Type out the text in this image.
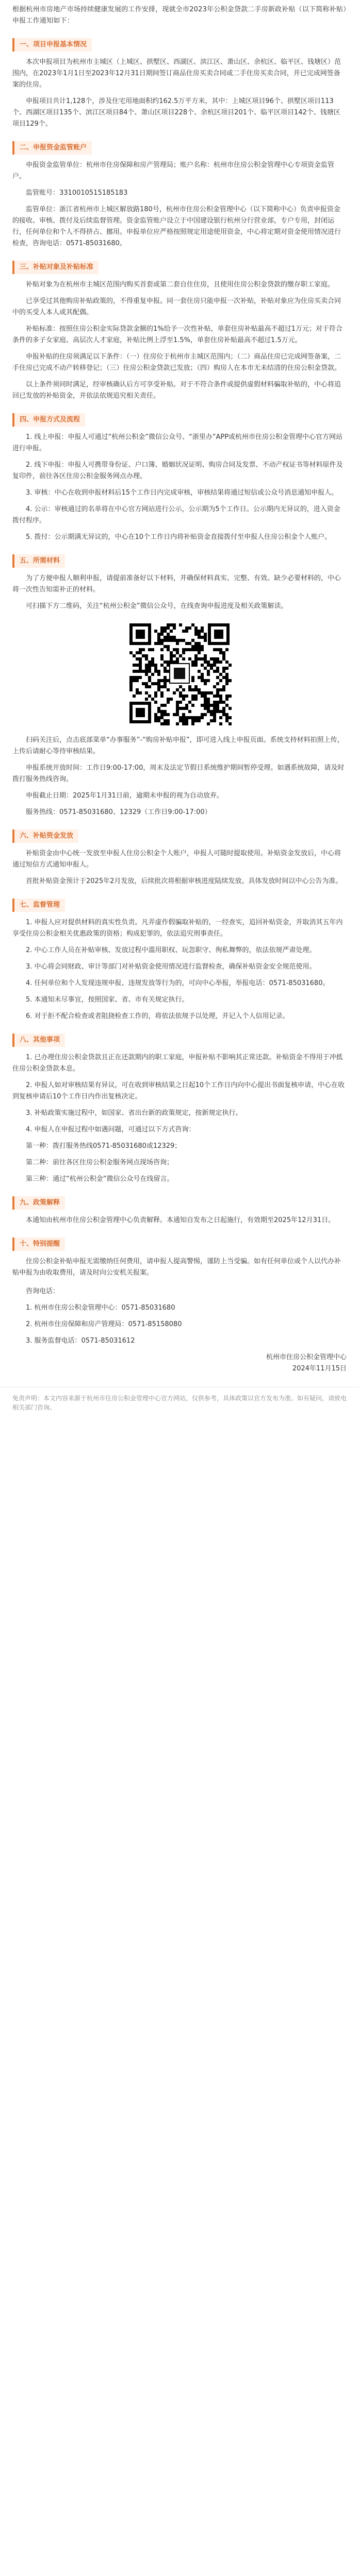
根据杭州市房地产市场持续健康发展的工作安排，现就全市2023年公积金贷款二手房新政补贴（以下简称补贴）申报工作通知如下：

一、项目申报基本情况

本次申报项目为杭州市主城区（上城区、拱墅区、西湖区、滨江区、萧山区、余杭区、临平区、钱塘区）范围内，在2023年1月1日至2023年12月31日期间签订商品住房买卖合同或二手住房买卖合同，并已完成网签备案的住房。

申报项目共计1,128个，涉及住宅用地面积约162.5万平方米，其中：上城区项目96个、拱墅区项目113个、西湖区项目135个、滨江区项目84个、萧山区项目228个、余杭区项目201个、临平区项目142个、钱塘区项目129个。

二、申报资金监管账户

申报资金监管单位：杭州市住房保障和房产管理局；账户名称：杭州市住房公积金管理中心专项资金监管户。

监管账号：3310010515185183

监管单位：浙江省杭州市上城区解放路180号，杭州市住房公积金管理中心（以下简称中心）负责申报资金的接收、审核、拨付及后续监督管理。资金监管账户设立于中国建设银行杭州分行营业部，专户专用，封闭运行，任何单位和个人不得挤占、挪用。申报单位应严格按照规定用途使用资金，中心将定期对资金使用情况进行检查，咨询电话：0571-85031680。

三、补贴对象及补贴标准

补贴对象为在杭州市主城区范围内购买首套或第二套自住住房，且使用住房公积金贷款的缴存职工家庭。

已享受过其他购房补贴政策的，不得重复申报。同一套住房只能申报一次补贴，补贴对象应为住房买卖合同中的买受人本人或其配偶。

补贴标准：按照住房公积金实际贷款金额的1%给予一次性补贴，单套住房补贴最高不超过1万元；对于符合条件的多子女家庭、高层次人才家庭，补贴比例上浮至1.5%，单套住房补贴最高不超过1.5万元。

申报补贴的住房须满足以下条件：（一）住房位于杭州市主城区范围内；（二）商品住房已完成网签备案，二手住房已完成不动产转移登记；（三）住房公积金贷款已发放；（四）购房人在本市无未结清的住房公积金贷款。

以上条件须同时满足，经审核确认后方可享受补贴。对于不符合条件或提供虚假材料骗取补贴的，中心将追回已发放的补贴资金，并依法依规追究相关责任。

四、申报方式及流程

1. 线上申报：申报人可通过“杭州公积金”微信公众号、“浙里办”APP或杭州市住房公积金管理中心官方网站进行申报。

2. 线下申报：申报人可携带身份证、户口簿、婚姻状况证明、购房合同及发票、不动产权证书等材料原件及复印件，前往各区住房公积金服务网点办理。

3. 审核：中心在收到申报材料后15个工作日内完成审核，审核结果将通过短信或公众号消息通知申报人。

4. 公示：审核通过的名单将在中心官方网站进行公示，公示期为5个工作日。公示期内无异议的，进入资金拨付程序。

5. 拨付：公示期满无异议的，中心在10个工作日内将补贴资金直接拨付至申报人住房公积金个人账户。

五、所需材料

为了方便申报人顺利申报，请提前准备好以下材料，并确保材料真实、完整、有效。缺少必要材料的，中心将一次性告知需补正的材料。

可扫描下方二维码，关注“杭州公积金”微信公众号，在线查询申报进度及相关政策解读。

扫码关注后，点击底部菜单“办事服务”-“购房补贴申报”，即可进入线上申报页面。系统支持材料拍照上传，上传后请耐心等待审核结果。

申报系统开放时间：工作日9:00-17:00，周末及法定节假日系统维护期间暂停受理。如遇系统故障，请及时拨打服务热线咨询。

申报截止日期：2025年1月31日前，逾期未申报的视为自动放弃。

服务热线：0571-85031680、12329（工作日9:00-17:00）

六、补贴资金发放

补贴资金由中心统一发放至申报人住房公积金个人账户，申报人可随时提取使用。补贴资金发放后，中心将通过短信方式通知申报人。

首批补贴资金预计于2025年2月发放，后续批次将根据审核进度陆续发放。具体发放时间以中心公告为准。

七、监督管理

1. 申报人应对提供材料的真实性负责。凡弄虚作假骗取补贴的，一经查实，追回补贴资金，并取消其五年内享受住房公积金相关优惠政策的资格；构成犯罪的，依法追究刑事责任。

2. 中心工作人员在补贴审核、发放过程中滥用职权、玩忽职守、徇私舞弊的，依法依规严肃处理。

3. 中心将会同财政、审计等部门对补贴资金使用情况进行监督检查，确保补贴资金安全规范使用。

4. 任何单位和个人发现违规申报、违规发放等行为的，可向中心举报，举报电话：0571-85031680。

5. 本通知未尽事宜，按照国家、省、市有关规定执行。

6. 对于拒不配合检查或者阻挠检查工作的，将依法依规予以处理，并记入个人信用记录。

八、其他事项

1. 已办理住房公积金贷款且正在还款期内的职工家庭，申报补贴不影响其正常还款。补贴资金不得用于冲抵住房公积金贷款本息。

2. 申报人如对审核结果有异议，可在收到审核结果之日起10个工作日内向中心提出书面复核申请，中心在收到复核申请后10个工作日内作出复核决定。

3. 补贴政策实施过程中，如国家、省出台新的政策规定，按新规定执行。

4. 申报人在申报过程中如遇问题，可通过以下方式咨询：

第一种：拨打服务热线0571-85031680或12329；

第二种：前往各区住房公积金服务网点现场咨询；

第三种：通过“杭州公积金”微信公众号在线留言。

九、政策解释

本通知由杭州市住房公积金管理中心负责解释。本通知自发布之日起施行，有效期至2025年12月31日。

十、特别提醒

住房公积金补贴申报无需缴纳任何费用，请申报人提高警惕，谨防上当受骗。如有任何单位或个人以代办补贴申报为由收取费用，请及时向公安机关报案。

咨询电话：

1. 杭州市住房公积金管理中心：0571-85031680

2. 杭州市住房保障和房产管理局：0571-85158080

3. 服务监督电话：0571-85031612

杭州市住房公积金管理中心
2024年11月15日
免责声明：本文内容来源于杭州市住房公积金管理中心官方网站，仅供参考，具体政策以官方发布为准。如有疑问，请致电相关部门咨询。
